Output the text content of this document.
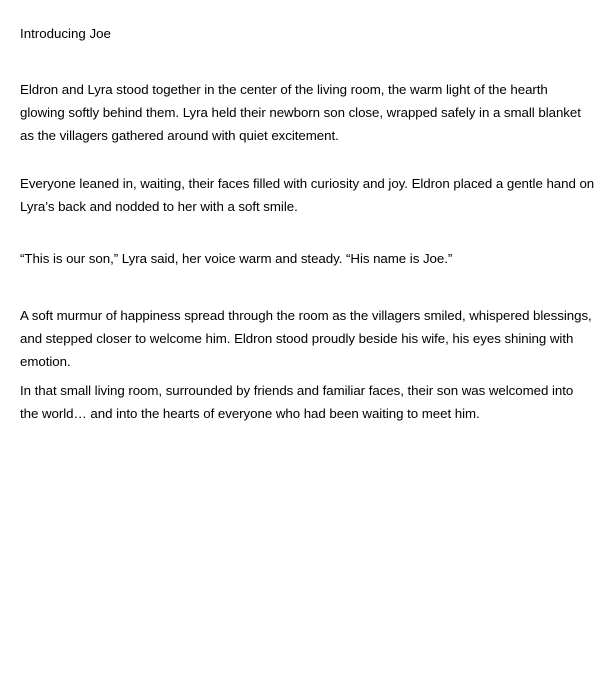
Introducing Joe

Eldron and Lyra stood together in the center of the living room, the warm light of the hearth glowing softly behind them. Lyra held their newborn son close, wrapped safely in a small blanket as the villagers gathered around with quiet excitement.

Everyone leaned in, waiting, their faces filled with curiosity and joy. Eldron placed a gentle hand on Lyra’s back and nodded to her with a soft smile.

“This is our son,” Lyra said, her voice warm and steady. “His name is Joe.”

A soft murmur of happiness spread through the room as the villagers smiled, whispered blessings, and stepped closer to welcome him. Eldron stood proudly beside his wife, his eyes shining with emotion.

In that small living room, surrounded by friends and familiar faces, their son was welcomed into the world… and into the hearts of everyone who had been waiting to meet him.
